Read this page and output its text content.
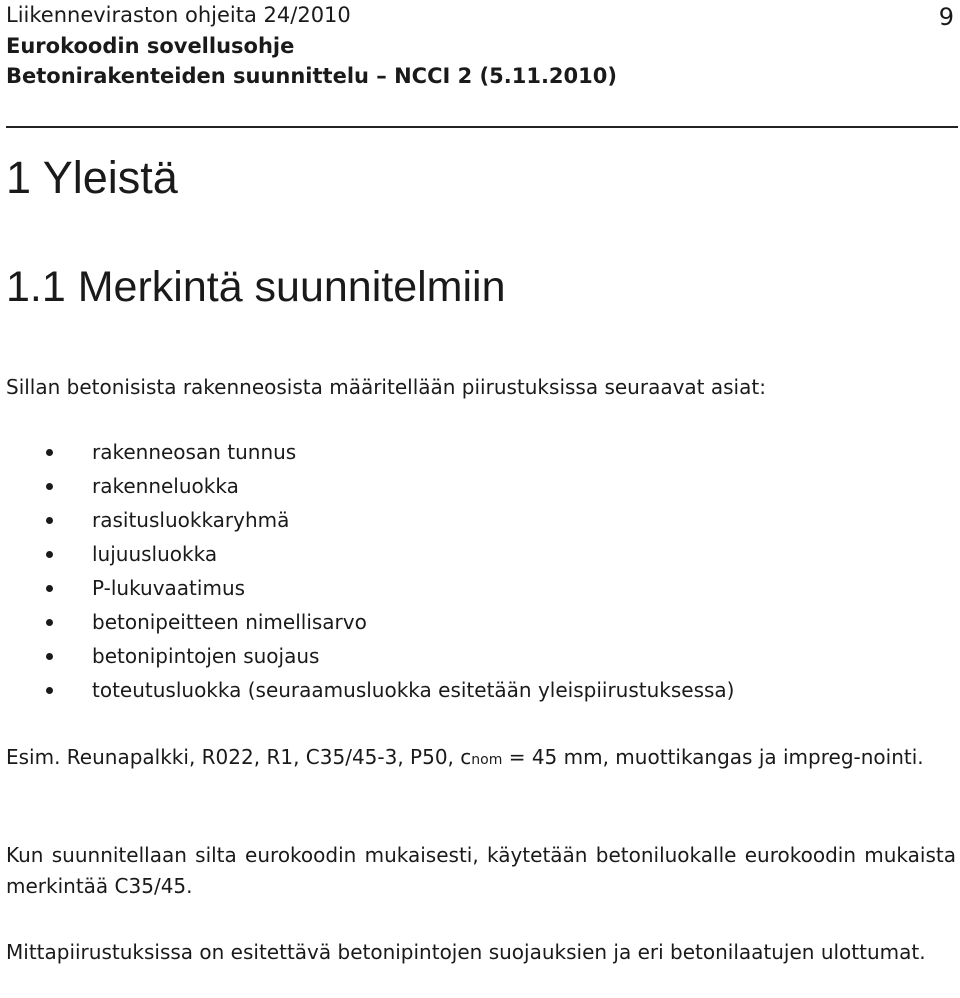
Liikenneviraston ohjeita 24/2010
Eurokoodin sovellusohje
Betonirakenteiden suunnittelu – NCCI 2 (5.11.2010)
9
1 Yleistä
1.1 Merkintä suunnitelmiin

Sillan betonisista rakenneosista määritellään piirustuksissa seuraavat asiat:

rakenneosan tunnus
rakenneluokka
rasitusluokkaryhmä
lujuusluokka
P-lukuvaatimus
betonipeitteen nimellisarvo
betonipintojen suojaus
toteutusluokka (seuraamusluokka esitetään yleispiirustuksessa)

Esim. Reunapalkki, R022, R1, C35/45-3, P50, cnom = 45 mm, muottikangas ja impreg-nointi.

Kun suunnitellaan silta eurokoodin mukaisesti, käytetään betoniluokalle eurokoodin mukaista merkintää C35/45.

Mittapiirustuksissa on esitettävä betonipintojen suojauksien ja eri betonilaatujen ulottumat.
